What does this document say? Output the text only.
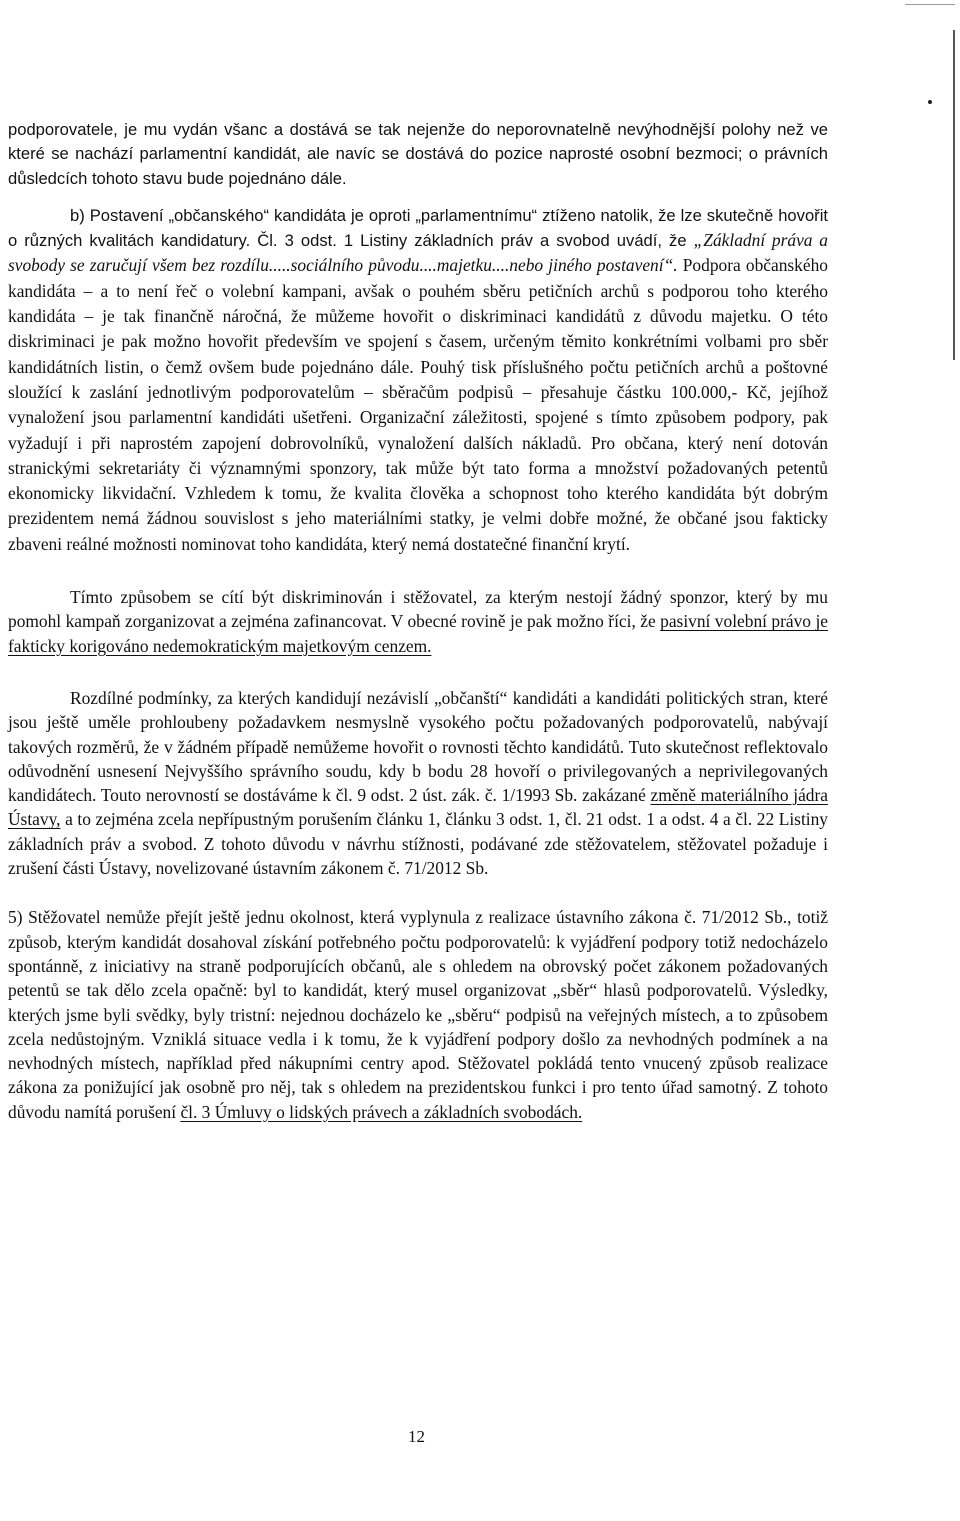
podporovatele, je mu vydán všanc a dostává se tak nejenže do neporovnatelně nevýhodnější polohy než ve které se nachází parlamentní kandidát, ale navíc se dostává do pozice naprosté osobní bezmoci; o právních důsledcích tohoto stavu bude pojednáno dále.

b) Postavení „občanského“ kandidáta je oproti „parlamentnímu“ ztíženo natolik, že lze skutečně hovořit o různých kvalitách kandidatury. Čl. 3 odst. 1 Listiny základních práv a svobod uvádí, že „Základní práva a svobody se zaručují všem bez rozdílu.....sociálního původu....majetku....nebo jiného postavení“. Podpora občanského kandidáta – a to není řeč o volební kampani, avšak o pouhém sběru petičních archů s podporou toho kterého kandidáta – je tak finančně náročná, že můžeme hovořit o diskriminaci kandidátů z důvodu majetku. O této diskriminaci je pak možno hovořit především ve spojení s časem, určeným těmito konkrétními volbami pro sběr kandidátních listin, o čemž ovšem bude pojednáno dále. Pouhý tisk příslušného počtu petičních archů a poštovné sloužící k zaslání jednotlivým podporovatelům – sběračům podpisů – přesahuje částku 100.000,- Kč, jejíhož vynaložení jsou parlamentní kandidáti ušetřeni. Organizační záležitosti, spojené s tímto způsobem podpory, pak vyžadují i při naprostém zapojení dobrovolníků, vynaložení dalších nákladů. Pro občana, který není dotován stranickými sekretariáty či významnými sponzory, tak může být tato forma a množství požadovaných petentů ekonomicky likvidační. Vzhledem k tomu, že kvalita člověka a schopnost toho kterého kandidáta být dobrým prezidentem nemá žádnou souvislost s jeho materiálními statky, je velmi dobře možné, že občané jsou fakticky zbaveni reálné možnosti nominovat toho kandidáta, který nemá dostatečné finanční krytí.

Tímto způsobem se cítí být diskriminován i stěžovatel, za kterým nestojí žádný sponzor, který by mu pomohl kampaň zorganizovat a zejména zafinancovat. V obecné rovině je pak možno říci, že pasivní volební právo je fakticky korigováno nedemokratickým majetkovým cenzem.

Rozdílné podmínky, za kterých kandidují nezávislí „občanští“ kandidáti a kandidáti politických stran, které jsou ještě uměle prohloubeny požadavkem nesmyslně vysokého počtu požadovaných podporovatelů, nabývají takových rozměrů, že v žádném případě nemůžeme hovořit o rovnosti těchto kandidátů. Tuto skutečnost reflektovalo odůvodnění usnesení Nejvyššího správního soudu, kdy b bodu 28 hovoří o privilegovaných a neprivilegovaných kandidátech. Touto nerovností se dostáváme k čl. 9 odst. 2 úst. zák. č. 1/1993 Sb. zakázané změně materiálního jádra Ústavy, a to zejména zcela nepřípustným porušením článku 1, článku 3 odst. 1, čl. 21 odst. 1 a odst. 4 a čl. 22 Listiny základních práv a svobod. Z tohoto důvodu v návrhu stížnosti, podávané zde stěžovatelem, stěžovatel požaduje i zrušení části Ústavy, novelizované ústavním zákonem č. 71/2012 Sb.

5) Stěžovatel nemůže přejít ještě jednu okolnost, která vyplynula z realizace ústavního zákona č. 71/2012 Sb., totiž způsob, kterým kandidát dosahoval získání potřebného počtu podporovatelů: k vyjádření podpory totiž nedocházelo spontánně, z iniciativy na straně podporujících občanů, ale s ohledem na obrovský počet zákonem požadovaných petentů se tak dělo zcela opačně: byl to kandidát, který musel organizovat „sběr“ hlasů podporovatelů. Výsledky, kterých jsme byli svědky, byly tristní: nejednou docházelo ke „sběru“ podpisů na veřejných místech, a to způsobem zcela nedůstojným. Vzniklá situace vedla i k tomu, že k vyjádření podpory došlo za nevhodných podmínek a na nevhodných místech, například před nákupními centry apod. Stěžovatel pokládá tento vnucený způsob realizace zákona za ponižující jak osobně pro něj, tak s ohledem na prezidentskou funkci i pro tento úřad samotný. Z tohoto důvodu namítá porušení čl. 3 Úmluvy o lidských právech a základních svobodách.

12
